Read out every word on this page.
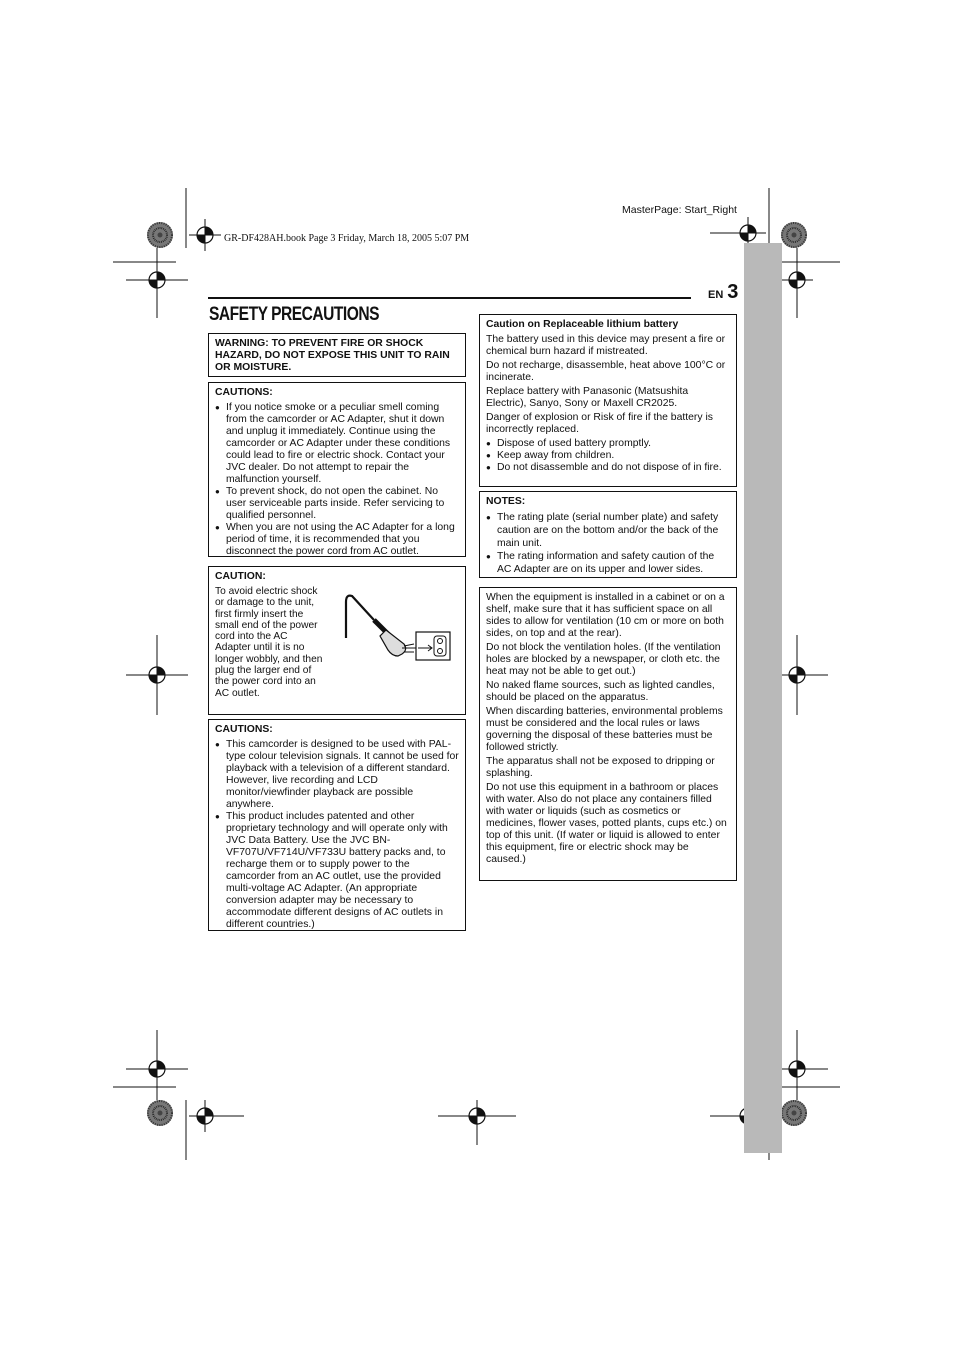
GR-DF428AH.book Page 3 Friday, March 18, 2005 5:07 PM
MasterPage: Start_Right
EN 3
SAFETY PRECAUTIONS

WARNING: TO PREVENT FIRE OR SHOCK HAZARD, DO NOT EXPOSE THIS UNIT TO RAIN OR MOISTURE.

CAUTIONS:

● If you notice smoke or a peculiar smell coming from the camcorder or AC Adapter, shut it down and unplug it immediately. Continue using the camcorder or AC Adapter under these conditions could lead to fire or electric shock. Contact your JVC dealer. Do not attempt to repair the malfunction yourself.
● To prevent shock, do not open the cabinet. No user serviceable parts inside. Refer servicing to qualified personnel.
● When you are not using the AC Adapter for a long period of time, it is recommended that you disconnect the power cord from AC outlet.

CAUTION:

To avoid electric shock or damage to the unit, first firmly insert the small end of the power cord into the AC Adapter until it is no longer wobbly, and then plug the larger end of the power cord into an AC outlet.

CAUTIONS:

● This camcorder is designed to be used with PAL-type colour television signals. It cannot be used for playback with a television of a different standard. However, live recording and LCD monitor/viewfinder playback are possible anywhere.
● This product includes patented and other proprietary technology and will operate only with JVC Data Battery. Use the JVC BN-VF707U/VF714U/VF733U battery packs and, to recharge them or to supply power to the camcorder from an AC outlet, use the provided multi-voltage AC Adapter. (An appropriate conversion adapter may be necessary to accommodate different designs of AC outlets in different countries.)

Caution on Replaceable lithium battery

The battery used in this device may present a fire or chemical burn hazard if mistreated.

Do not recharge, disassemble, heat above 100°C or incinerate.

Replace battery with Panasonic (Matsushita Electric), Sanyo, Sony or Maxell CR2025.

Danger of explosion or Risk of fire if the battery is incorrectly replaced.

● Dispose of used battery promptly.
● Keep away from children.
● Do not disassemble and do not dispose of in fire.

NOTES:

● The rating plate (serial number plate) and safety caution are on the bottom and/or the back of the main unit.
● The rating information and safety caution of the AC Adapter are on its upper and lower sides.

When the equipment is installed in a cabinet or on a shelf, make sure that it has sufficient space on all sides to allow for ventilation (10 cm or more on both sides, on top and at the rear).

Do not block the ventilation holes. (If the ventilation holes are blocked by a newspaper, or cloth etc. the heat may not be able to get out.)

No naked flame sources, such as lighted candles, should be placed on the apparatus.

When discarding batteries, environmental problems must be considered and the local rules or laws governing the disposal of these batteries must be followed strictly.

The apparatus shall not be exposed to dripping or splashing.

Do not use this equipment in a bathroom or places with water. Also do not place any containers filled with water or liquids (such as cosmetics or medicines, flower vases, potted plants, cups etc.) on top of this unit. (If water or liquid is allowed to enter this equipment, fire or electric shock may be caused.)
